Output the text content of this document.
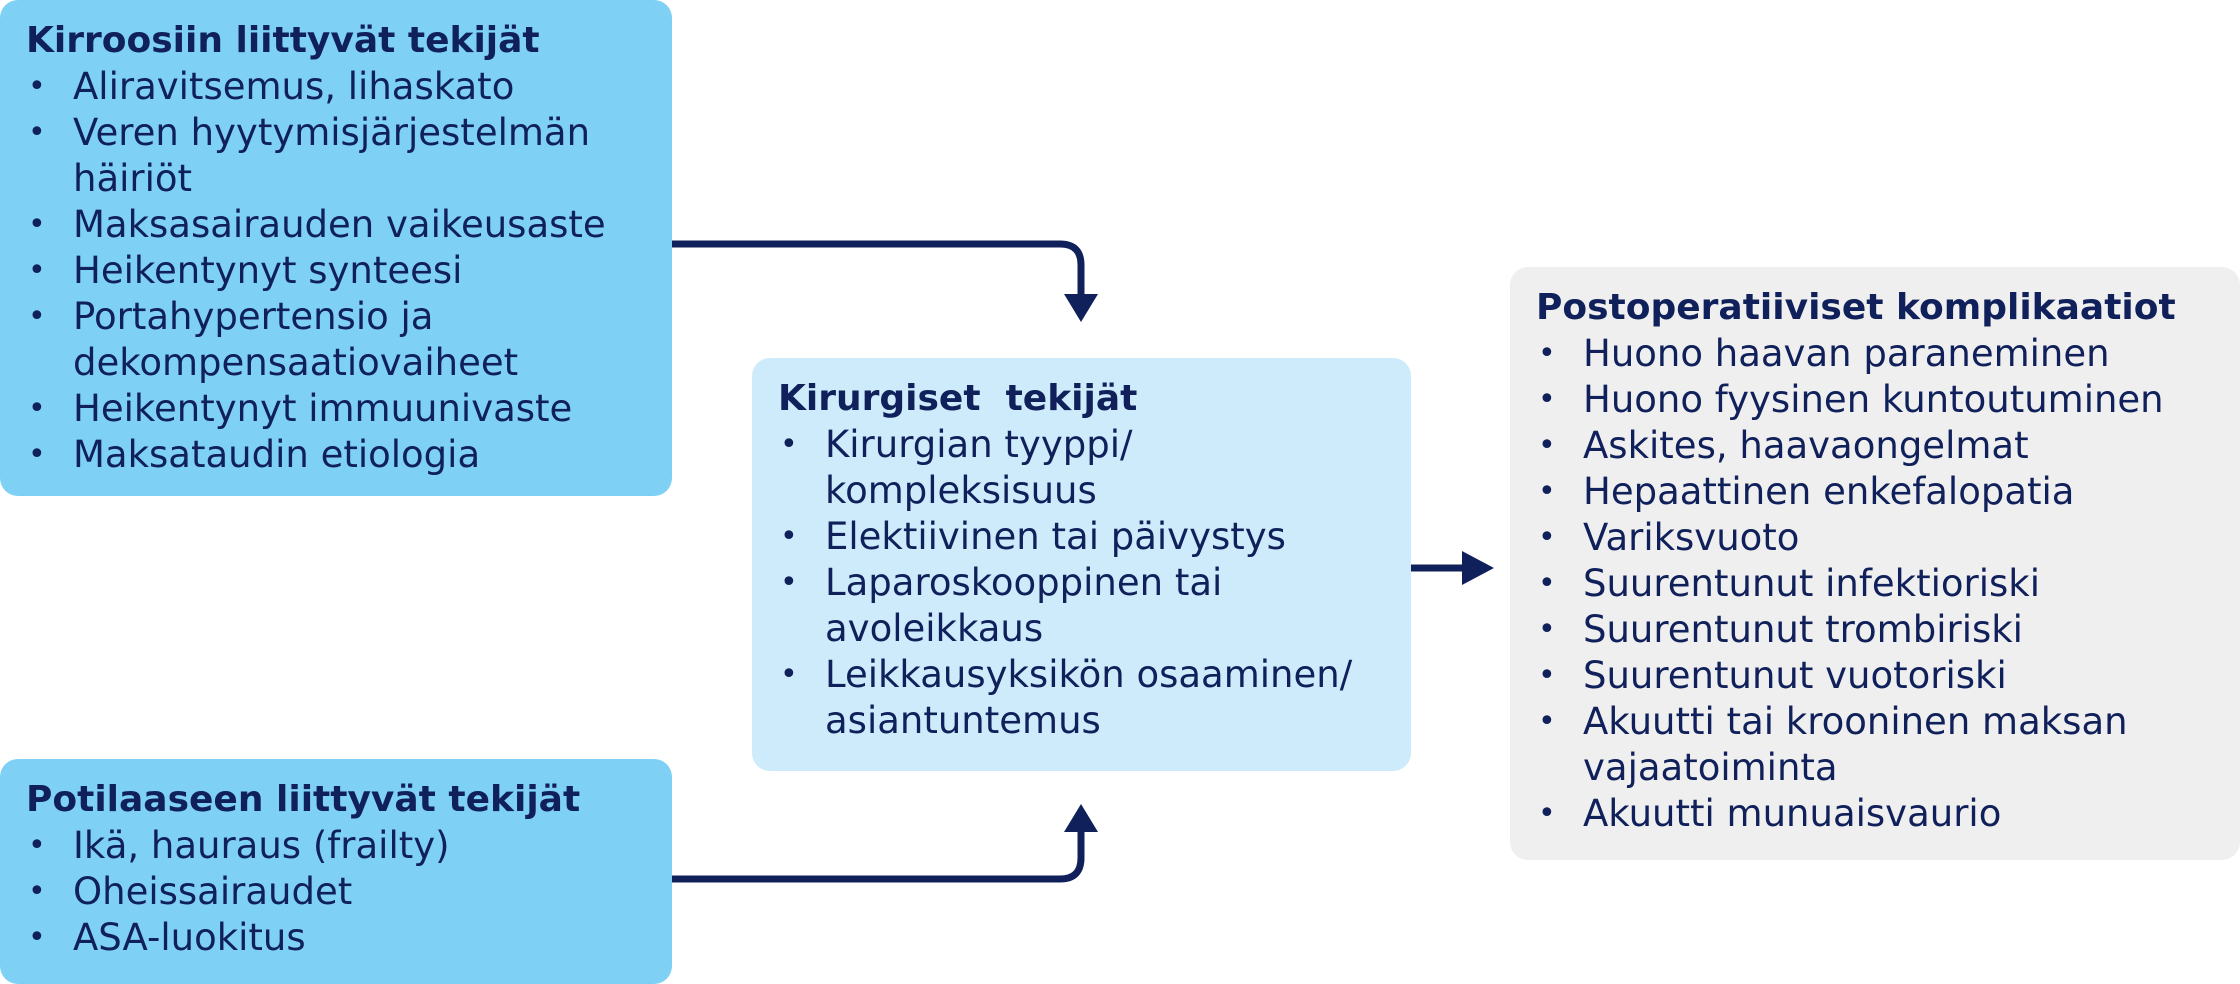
Kirroosiin liittyvät tekijät
• Aliravitsemus, lihaskato
• Veren hyytymisjärjestelmän häiriöt
• Maksasairauden vaikeusaste
• Heikentynyt synteesi
• Portahypertensio ja dekompensaatiovaiheet
• Heikentynyt immuunivaste
• Maksataudin etiologia
Potilaaseen liittyvät tekijät
• Ikä, hauraus (frailty)
• Oheissairaudet
• ASA-luokitus
Kirurgiset  tekijät
• Kirurgian tyyppi/ kompleksisuus
• Elektiivinen tai päivystys
• Laparoskooppinen tai avoleikkaus
• Leikkausyksikön osaaminen/ asiantuntemus
Postoperatiiviset komplikaatiot
• Huono haavan paraneminen
• Huono fyysinen kuntoutuminen
• Askites, haavaongelmat
• Hepaattinen enkefalopatia
• Variksvuoto
• Suurentunut infektioriski
• Suurentunut trombiriski
• Suurentunut vuotoriski
• Akuutti tai krooninen maksan vajaatoiminta
• Akuutti munuaisvaurio
